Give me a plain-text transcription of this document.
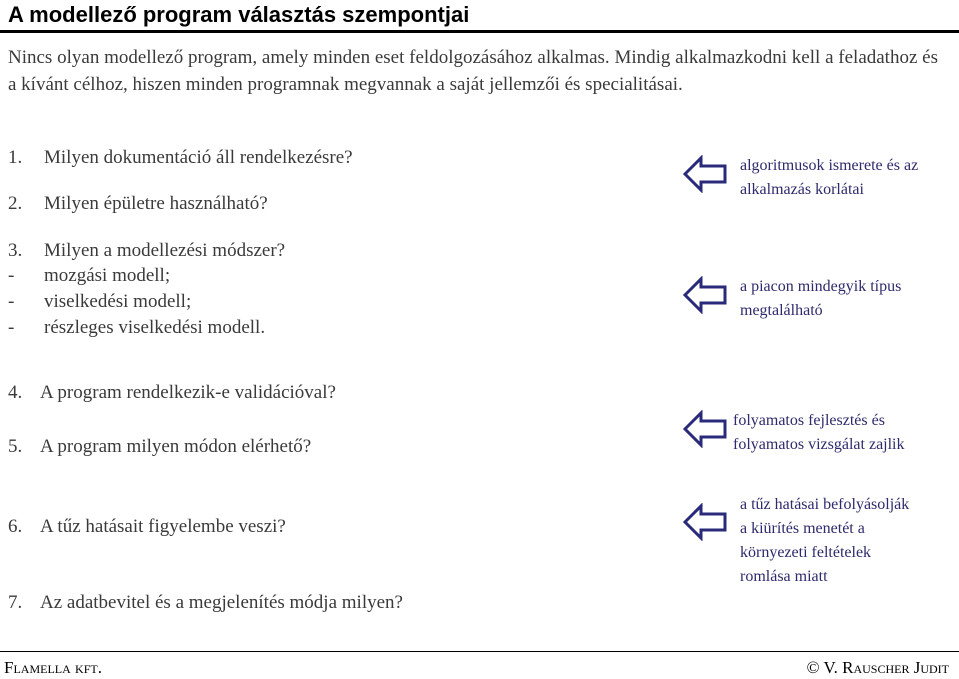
A modellező program választás szempontjai
Nincs olyan modellező program, amely minden eset feldolgozásához alkalmas. Mindig alkalmazkodni kell a feladathoz és a kívánt célhoz, hiszen minden programnak megvannak a saját jellemzői és specialitásai.
1. Milyen dokumentáció áll rendelkezésre?
2. Milyen épületre használható?
3. Milyen a modellezési módszer?
- mozgási modell;
- viselkedési modell;
- részleges viselkedési modell.
4. A program rendelkezik-e validációval?
5. A program milyen módon elérhető?
6. A tűz hatásait figyelembe veszi?
7. Az adatbevitel és a megjelenítés módja milyen?
algoritmusok ismerete és az
alkalmazás korlátai
a piacon mindegyik típus
megtalálható
folyamatos fejlesztés és
folyamatos vizsgálat zajlik
a tűz hatásai befolyásolják
a kiürítés menetét a
környezeti feltételek
romlása miatt
Flamella kft.	© V. Rauscher Judit
